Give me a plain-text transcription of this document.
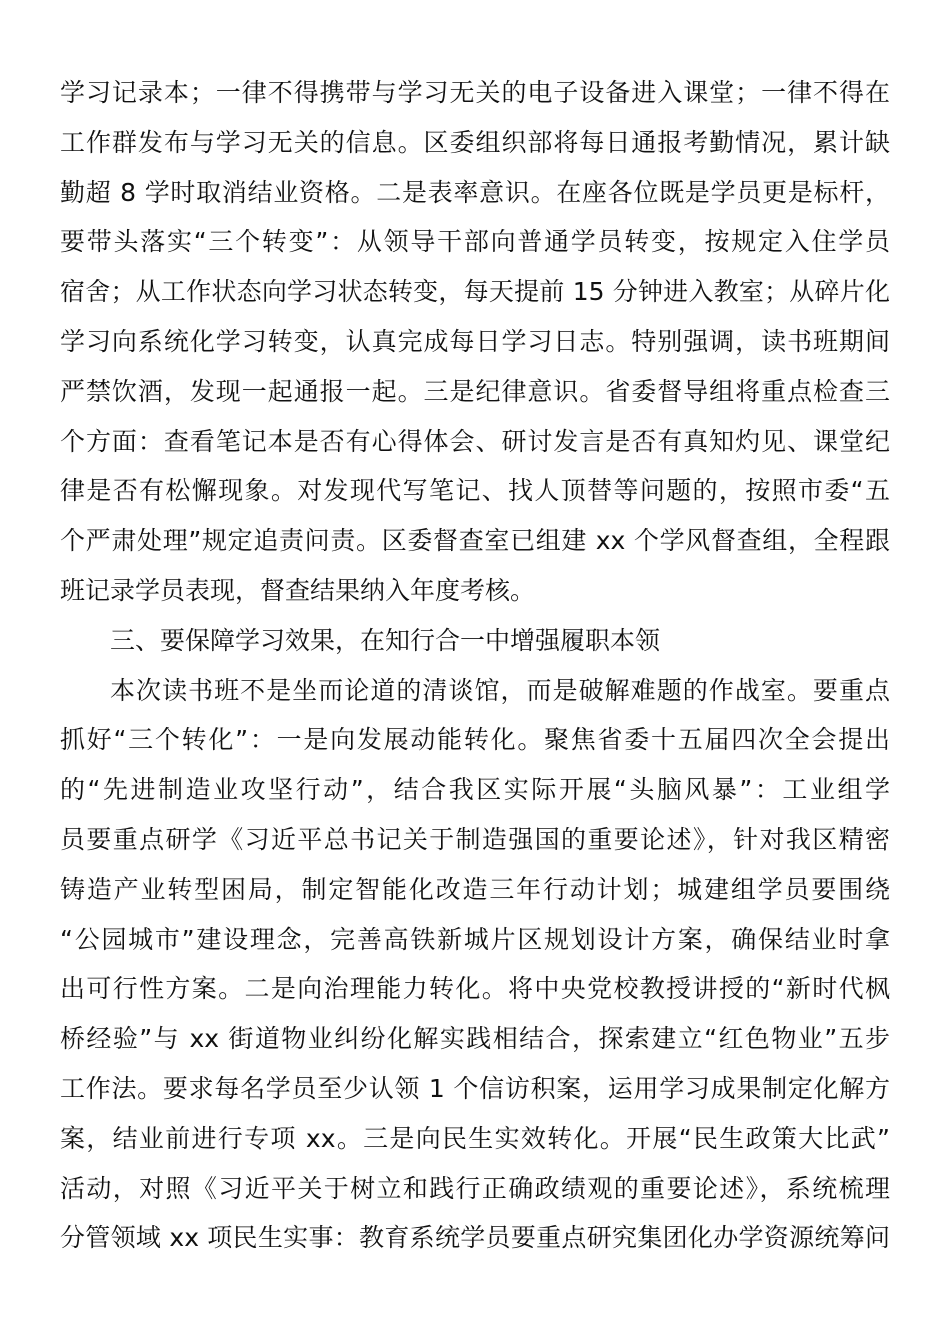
学习记录本；一律不得携带与学习无关的电子设备进入课堂；一律不得在
工作群发布与学习无关的信息。区委组织部将每日通报考勤情况，累计缺
勤超 8 学时取消结业资格。二是表率意识。在座各位既是学员更是标杆，
要带头落实“三个转变”：从领导干部向普通学员转变，按规定入住学员
宿舍；从工作状态向学习状态转变，每天提前 15 分钟进入教室；从碎片化
学习向系统化学习转变，认真完成每日学习日志。特别强调，读书班期间
严禁饮酒，发现一起通报一起。三是纪律意识。省委督导组将重点检查三
个方面：查看笔记本是否有心得体会、研讨发言是否有真知灼见、课堂纪
律是否有松懈现象。对发现代写笔记、找人顶替等问题的，按照市委“五
个严肃处理”规定追责问责。区委督查室已组建 xx 个学风督查组，全程跟
班记录学员表现，督查结果纳入年度考核。
三、要保障学习效果，在知行合一中增强履职本领
本次读书班不是坐而论道的清谈馆，而是破解难题的作战室。要重点
抓好“三个转化”：一是向发展动能转化。聚焦省委十五届四次全会提出
的“先进制造业攻坚行动”，结合我区实际开展“头脑风暴”：工业组学
员要重点研学《习近平总书记关于制造强国的重要论述》，针对我区精密
铸造产业转型困局，制定智能化改造三年行动计划；城建组学员要围绕
“公园城市”建设理念，完善高铁新城片区规划设计方案，确保结业时拿
出可行性方案。二是向治理能力转化。将中央党校教授讲授的“新时代枫
桥经验”与 xx 街道物业纠纷化解实践相结合，探索建立“红色物业”五步
工作法。要求每名学员至少认领 1 个信访积案，运用学习成果制定化解方
案，结业前进行专项 xx。三是向民生实效转化。开展“民生政策大比武”
活动，对照《习近平关于树立和践行正确政绩观的重要论述》，系统梳理
分管领域 xx 项民生实事：教育系统学员要重点研究集团化办学资源统筹问
